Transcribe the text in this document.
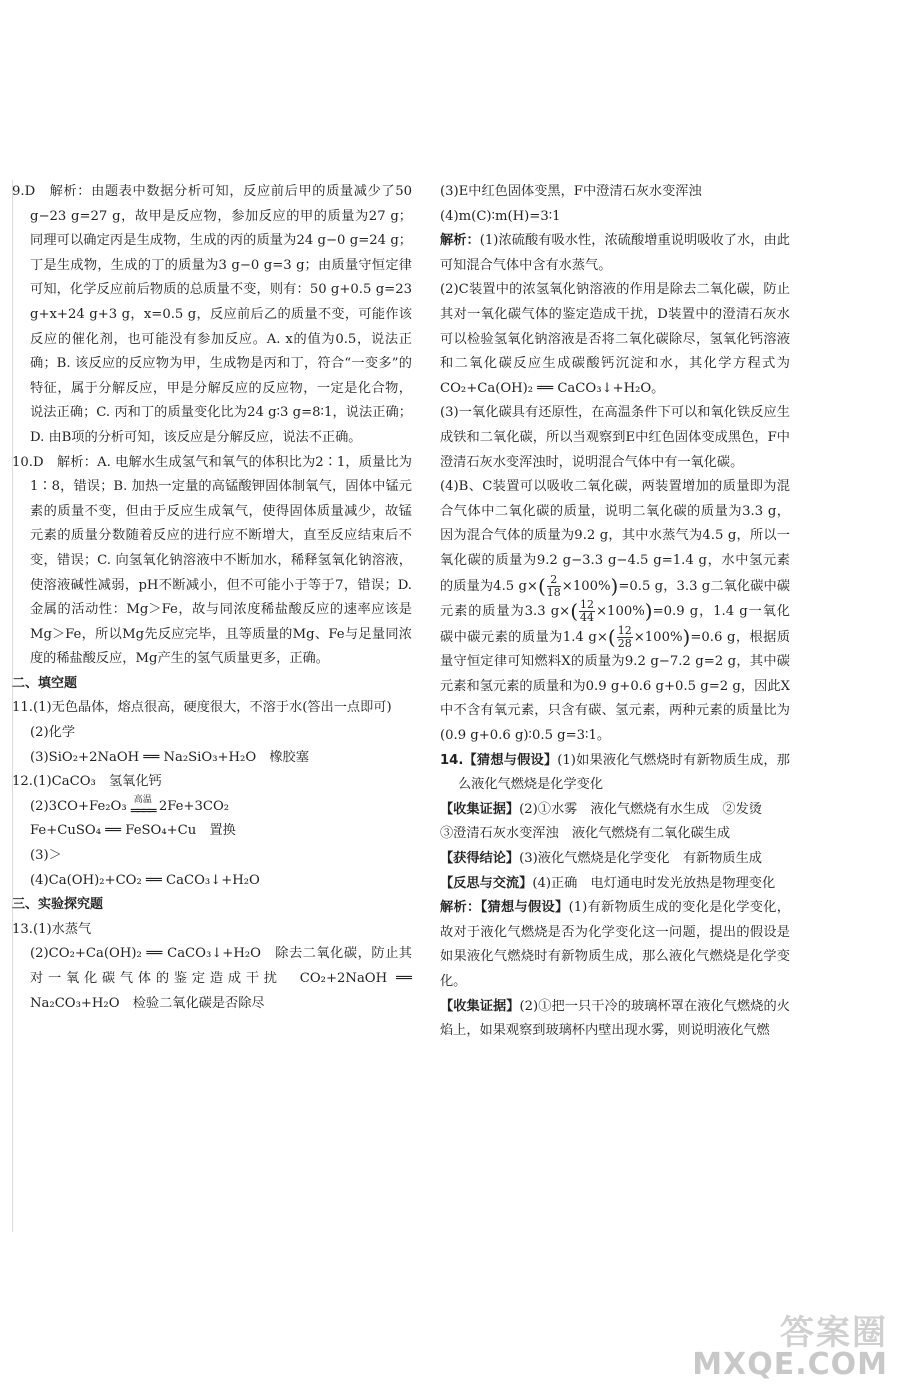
9.D　解析：由题表中数据分析可知，反应前后甲的质量减少了50 g−23 g=27 g，故甲是反应物，参加反应的甲的质量为27 g；同理可以确定丙是生成物，生成的丙的质量为24 g−0 g=24 g；丁是生成物，生成的丁的质量为3 g−0 g=3 g；由质量守恒定律可知，化学反应前后物质的总质量不变，则有：50 g+0.5 g=23 g+x+24 g+3 g，x=0.5 g，反应前后乙的质量不变，可能作该反应的催化剂，也可能没有参加反应。A. x的值为0.5，说法正确；B. 该反应的反应物为甲，生成物是丙和丁，符合“一变多”的特征，属于分解反应，甲是分解反应的反应物，一定是化合物，说法正确；C. 丙和丁的质量变化比为24 g∶3 g=8∶1，说法正确；D. 由B项的分析可知，该反应是分解反应，说法不正确。

10.D　解析：A. 电解水生成氢气和氧气的体积比为2∶1，质量比为1∶8，错误；B. 加热一定量的高锰酸钾固体制氧气，固体中锰元素的质量不变，但由于反应生成氧气，使得固体质量减少，故锰元素的质量分数随着反应的进行应不断增大，直至反应结束后不变，错误；C. 向氢氧化钠溶液中不断加水，稀释氢氧化钠溶液，使溶液碱性减弱，pH不断减小，但不可能小于等于7，错误；D. 金属的活动性：Mg＞Fe，故与同浓度稀盐酸反应的速率应该是Mg＞Fe，所以Mg先反应完毕，且等质量的Mg、Fe与足量同浓度的稀盐酸反应，Mg产生的氢气质量更多，正确。

二、填空题

11.(1)无色晶体，熔点很高，硬度很大，不溶于水(答出一点即可)

(2)化学

(3)SiO₂+2NaOH ══ Na₂SiO₃+H₂O　橡胶塞

12.(1)CaCO₃　氢氧化钙

(2)3CO+Fe₂O₃ 高温
════ 2Fe+3CO₂

Fe+CuSO₄ ══ FeSO₄+Cu　置换

(3)＞

(4)Ca(OH)₂+CO₂ ══ CaCO₃↓+H₂O

三、实验探究题

13.(1)水蒸气

(2)CO₂+Ca(OH)₂ ══ CaCO₃↓+H₂O　除去二氧化碳，防止其对一氧化碳气体的鉴定造成干扰　CO₂+2NaOH ══ Na₂CO₃+H₂O　检验二氧化碳是否除尽

(3)E中红色固体变黑，F中澄清石灰水变浑浊

(4)m(C)∶m(H)=3∶1

解析：(1)浓硫酸有吸水性，浓硫酸增重说明吸收了水，由此可知混合气体中含有水蒸气。

(2)C装置中的浓氢氧化钠溶液的作用是除去二氧化碳，防止其对一氧化碳气体的鉴定造成干扰，D装置中的澄清石灰水可以检验氢氧化钠溶液是否将二氧化碳除尽，氢氧化钙溶液和二氧化碳反应生成碳酸钙沉淀和水，其化学方程式为CO₂+Ca(OH)₂ ══ CaCO₃↓+H₂O。

(3)一氧化碳具有还原性，在高温条件下可以和氧化铁反应生成铁和二氧化碳，所以当观察到E中红色固体变成黑色，F中澄清石灰水变浑浊时，说明混合气体中有一氧化碳。

(4)B、C装置可以吸收二氧化碳，两装置增加的质量即为混合气体中二氧化碳的质量，说明二氧化碳的质量为3.3 g，因为混合气体的质量为9.2 g，其中水蒸气为4.5 g，所以一氧化碳的质量为9.2 g−3.3 g−4.5 g=1.4 g，水中氢元素的质量为4.5 $g\times( \frac{2}{18} \times 100\%)=0.5$ g，3.3 g二氧化碳中碳元素的质量为3.3 $g\times( \frac{12}{44} \times 100\%)=0.9$ g，1.4 g一氧化碳中碳元素的质量为1.4 $g\times( \frac{12}{28} \times 100\%)=0.6$ g，根据质量守恒定律可知燃料X的质量为9.2 g−7.2 g=2 g，其中碳元素和氢元素的质量和为0.9 g+0.6 g+0.5 g=2 g，因此X中不含有氧元素，只含有碳、氢元素，两种元素的质量比为(0.9 g+0.6 g)∶0.5 g=3∶1。

14.【猜想与假设】(1)如果液化气燃烧时有新物质生成，那么液化气燃烧是化学变化

【收集证据】(2)①水雾　液化气燃烧有水生成　②发烫

③澄清石灰水变浑浊　液化气燃烧有二氧化碳生成

【获得结论】(3)液化气燃烧是化学变化　有新物质生成

【反思与交流】(4)正确　电灯通电时发光放热是物理变化

解析：【猜想与假设】(1)有新物质生成的变化是化学变化，故对于液化气燃烧是否为化学变化这一问题，提出的假设是如果液化气燃烧时有新物质生成，那么液化气燃烧是化学变化。

【收集证据】(2)①把一只干冷的玻璃杯罩在液化气燃烧的火焰上，如果观察到玻璃杯内壁出现水雾，则说明液化气燃

答案圈
MXQE.COM
